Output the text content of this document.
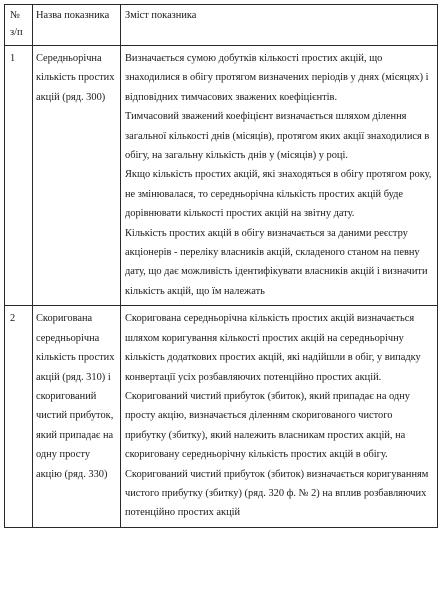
№ з/п	Назва показника	Зміст показника
1	Середньорічна кількість простих акцій (ряд. 300)	Визначається сумою добутків кількості простих акцій, що знаходилися в обігу протягом визначених періодів у днях (місяцях) і відповідних тимчасових зважених коефіцієнтів.
Тимчасовий зважений коефіцієнт визначається шляхом ділення загальної кількості днів (місяців), протягом яких акції знаходилися в обігу, на загальну кількість днів у (місяців) у році.
Якщо кількість простих акцій, які знаходяться в обігу протягом року, не змінювалася, то середньорічна кількість простих акцій буде дорівнювати кількості простих акцій на звітну дату.
Кількість простих акцій в обігу визначається за даними реєстру акціонерів - переліку власників акцій, складеного станом на певну дату, що дає можливість ідентифікувати власників акцій і визначити кількість акцій, що їм належать

2	Скоригована середньорічна кількість простих акцій (ряд. 310) і скоригований чистий прибуток, який припадає на одну простy акцію (ряд. 330)	Скоригована середньорічна кількість простих акцій визначається шляхом коригування кількості простих акцій на середньорічну кількість додаткових простих акцій, які надійшли в обіг, у випадку конвертації усіх розбавляючих потенційно простих акцій. Скоригований чистий прибуток (збиток), який припадає на одну просту акцію, визначається діленням скоригованого чистого прибутку (збитку), який належить власникам простих акцій, на скориговану середньорічну кількість простих акцій в обігу.
Скоригований чистий прибуток (збиток) визначається коригуванням чистого прибутку (збитку) (ряд. 320 ф. № 2) на вплив розбавляючих потенційно простих акцій
